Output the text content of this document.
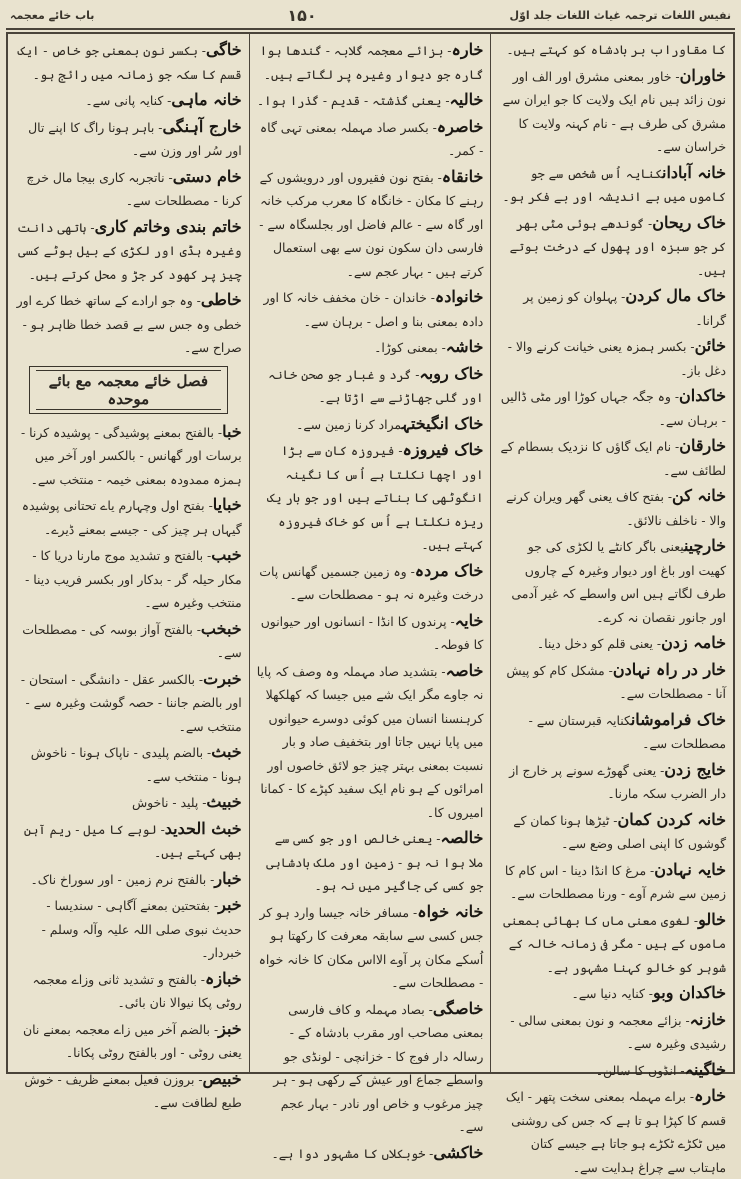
نفیس اللغات ترجمہ غیاث اللغات جلد اوّل
۱۵۰
باب خائے معجمہ

کا مقاوراب بر بادشاہ کو کہتے ہیں۔

خاوران- خاور بمعنی مشرق اور الف اور نون زائد ہیں نام ایک ولایت کا جو ایران سے مشرق کی طرف ہے - نام کہنہ ولایت کا خراسان سے۔

خانہ آبادانکنایہ اُس شخص سے جو کاموں میں بے اندیشہ اور بے فکر ہو۔

خاک ریحان- گوندھے ہوئی مٹی بھر کر جو سبزہ اور پھول کے درخت بوتے ہیں۔

خاک مال کردن- پہلوان کو زمین پر گرانا۔

خائن- بکسر ہمزہ یعنی خیانت کرنے والا - دغل باز۔

خاکدان- وہ جگہ جہاں کوڑا اور مٹی ڈالیں - برہان سے۔

خارقان- نام ایک گاؤں کا نزدیک بسطام کے لطائف سے۔

خانہ کن- بفتح کاف یعنی گھر ویران کرنے والا - ناخلف نالائق۔

خارچینیعنی باگر کانٹے یا لکڑی کی جو کھیت اور باغ اور دیوار وغیرہ کے چاروں طرف لگاتے ہیں اس واسطے کہ غیر آدمی اور جانور نقصان نہ کرے۔

خامہ زدن- یعنی قلم کو دخل دینا۔

خار در راہ نہادن- مشکل کام کو پیش آنا - مصطلحات سے۔

خاک فراموشانکنایہ قبرستان سے - مصطلحات سے۔

خایج زدن- یعنی گھوڑے سونے پر خارج از دار الضرب سکہ مارنا۔

خانہ کردن کمان- ٹیڑھا ہونا کمان کے گوشوں کا اپنی اصلی وضع سے۔

خایہ نہادن- مرغ کا انڈا دینا - اس کام کا زمین سے شرم آوے - ورنا مصطلحات سے۔

خالو- لغوی معنی ماں کا بھائی بمعنی ماموں کے ہیں - مگر فی زمانہ خالہ کے شوہر کو خالو کہنا مشہور ہے۔

خاکدان وبو- کنایہ دنیا سے۔

خازنہ- بزائے معجمہ و نون بمعنی سالی - رشیدی وغیرہ سے۔

خاگینہ- انڈوں کا سالن۔

خارہ- براے مہملہ بمعنی سخت پتھر - ایک قسم کا کپڑا ہو تا ہے کہ جس کی روشنی میں ٹکڑے ٹکڑے ہو جاتا ہے جیسے کتان ماہتاب سے چراغ ہدایت سے۔

خارہ- بزائے معجمہ گلابہ - گندھا ہوا گارہ جو دیوار وغیرہ پر لگاتے ہیں۔

خالیہ- یعنی گذشتہ - قدیم - گذرا ہوا۔

خاصرہ- بکسر صاد مہملہ بمعنی تہی گاہ - کمر۔

خانقاہ- بفتح نون فقیروں اور درویشوں کے رہنے کا مکان - خانگاہ کا معرب مرکب خانہ اور گاہ سے - عالم فاضل اور بجلسگاہ سے - فارسی دان سکون نون سے بھی استعمال کرتے ہیں - بہار عجم سے۔

خانوادہ- خاندان - خان مخفف خانہ کا اور دادہ بمعنی بنا و اصل - برہان سے۔

خاشہ- بمعنی کوڑا۔

خاک روبہ- گرد و غبار جو صحن خانہ اور گلی جھاڑنے سے اڑتا ہے۔

خاک انگیختہمراد کرنا زمین سے۔

خاک فیروزہ- فیروزہ کان سے بڑا اور اچھا نکلتا ہے اُس کا نگینہ انگوٹھی کا بناتے ہیں اور جو بار یک ریزہ نکلتا ہے اُس کو خاک فیروزہ کہتے ہیں۔

خاک مردہ- وہ زمین جسمیں گھانس پات درخت وغیرہ نہ ہو - مصطلحات سے۔

خایہ- پرندوں کا انڈا - انسانوں اور حیوانوں کا فوطہ۔

خاصہ- بتشدید صاد مہملہ وہ وصف کہ پایا نہ جاوے مگر ایک شے میں جیسا کہ کھلکھلا کرہنسنا انسان میں کوئی دوسرے حیوانوں میں پایا نہیں جاتا اور بتخفیف صاد و بار نسبت بمعنی بہتر چیز جو لائق خاصوں اور امرائوں کے ہو نام ایک سفید کپڑے کا - کمانا امیروں کا۔

خالصہ- یعنی خالص اور جو کسی سے ملا ہوا نہ ہو - زمین اور ملک بادشاہی جو کسی کی جاگیر میں نہ ہو۔

خانہ خواہ- مسافر خانہ جیسا وارد ہو کر جس کسی سے سابقہ معرفت کا رکھتا ہو اُسکے مکان پر آوے الااس مکان کا خانہ خواہ - مصطلحات سے۔

خاصگی- بصاد مہملہ و کاف فارسی بمعنی مصاحب اور مقرب بادشاہ کے - رسالہ دار فوج کا - خزانچی - لونڈی جو واسطے جماع اور عیش کے رکھی ہو - ہر چیز مرغوب و خاص اور نادر - بہار عجم سے۔

خاکشی- خوبکلاں کا مشہور دوا ہے۔

خاگی- بکسر نون بمعنی جو خاص - ایک قسم کا سکہ جو زمانہ میں رائج ہو۔

خانہ ماہی- کنایہ پانی سے۔

خارج آہنگی- باہر ہونا راگ کا اپنے تال اور سُر اور وزن سے۔

خام دستی- ناتجربہ کاری بیجا مال خرچ کرنا - مصطلحات سے۔

خاتم بندی وخاتم کاری- ہاتھی دانت وغیرہ ہڈی اور لکڑی کے بیل بوٹے کسی چیز پر کھود کر جڑ و محل کرتے ہیں۔

خاطی- وہ جو ارادے کے ساتھ خطا کرے اور خطی وہ جس سے بے قصد خطا ظاہر ہو - صراح سے۔

فصل خائے معجمہ مع بائے موحدہ

خبا- بالفتح بمعنے پوشیدگی - پوشیدہ کرنا - برسات اور گھانس - بالکسر اور آخر میں ہمزہ ممدودہ بمعنی خیمہ - منتخب سے۔

خبایا- بفتح اول وچہارم یاے تحتانی پوشیدہ گیہاں ہر چیز کی - جیسے بمعنے ڈیرے۔

خبب- بالفتح و تشدید موج مارنا دریا کا - مکار حیلہ گر - بدکار اور بکسر فریب دینا - منتخب وغیرہ سے۔

خبخب- بالفتح آواز بوسہ کی - مصطلحات سے۔

خبرت- بالکسر عقل - دانشگی - استحان - اور بالضم جاننا - حصہ گوشت وغیرہ سے - منتخب سے۔

خبث- بالضم پلیدی - ناپاک ہونا - ناخوش ہونا - منتخب سے۔

خبیث- پلید - ناخوش

خبث الحدید- لوہے کا میل - ریم آہن بھی کہتے ہیں۔

خبار- بالفتح نرم زمین - اور سوراخ ناک۔

خبر- بفتحتین بمعنے آگاہی - سندیسا - حدیث نبوی صلی اللہ علیہ وآلہ وسلم - خبردار۔

خبازہ- بالفتح و تشدید ثانی وزاے معجمہ روٹی پکا نیوالا نان بائی۔

خبز- بالضم آخر میں زاے معجمہ بمعنے نان یعنی روٹی - اور بالفتح روٹی پکانا۔

خبیص- بروزن فعیل بمعنے ظریف - خوش طبع لطافت سے۔
